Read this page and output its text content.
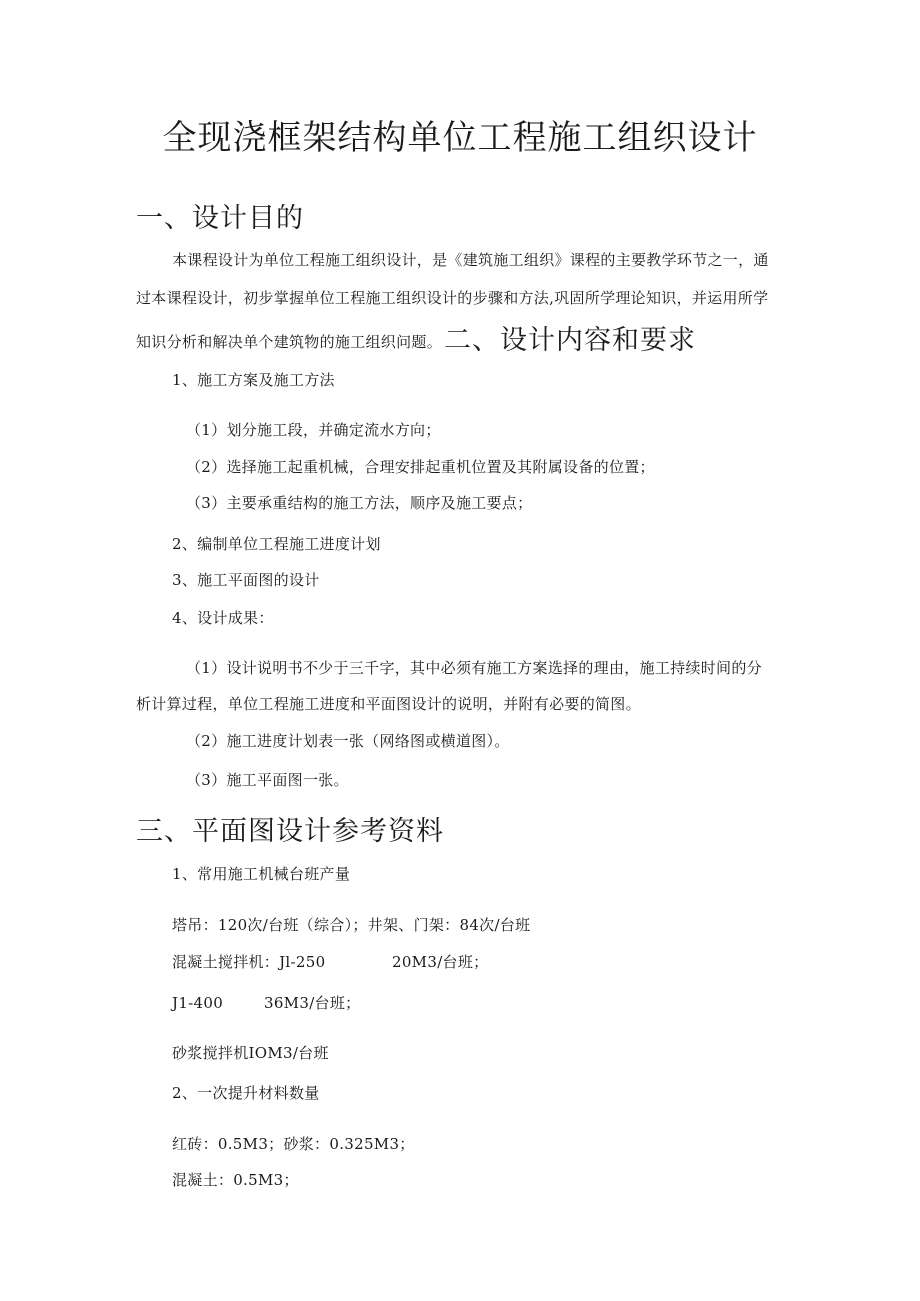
全现浇框架结构单位工程施工组织设计
一、设计目的
本课程设计为单位工程施工组织设计，是《建筑施工组织》课程的主要教学环节之一，通
过本课程设计，初步掌握单位工程施工组织设计的步骤和方法,巩固所学理论知识，并运用所学
知识分析和解决单个建筑物的施工组织问题。二、设计内容和要求
1、施工方案及施工方法
（1）划分施工段，并确定流水方向；
（2）选择施工起重机械，合理安排起重机位置及其附属设备的位置；
（3）主要承重结构的施工方法，顺序及施工要点；
2、编制单位工程施工进度计划
3、施工平面图的设计
4、设计成果：
（1）设计说明书不少于三千字，其中必须有施工方案选择的理由，施工持续时间的分
析计算过程，单位工程施工进度和平面图设计的说明，并附有必要的简图。
（2）施工进度计划表一张（网络图或横道图）。
（3）施工平面图一张。
三、平面图设计参考资料
1、常用施工机械台班产量
塔吊：120次/台班（综合）；井架、门架：84次/台班
混凝土搅拌机：Jl-250	20M3/台班；
J1-400	36M3/台班；
砂浆搅拌机IOM3/台班
2、一次提升材料数量
红砖：0.5M3；砂浆：0.325M3；
混凝土：0.5M3；
